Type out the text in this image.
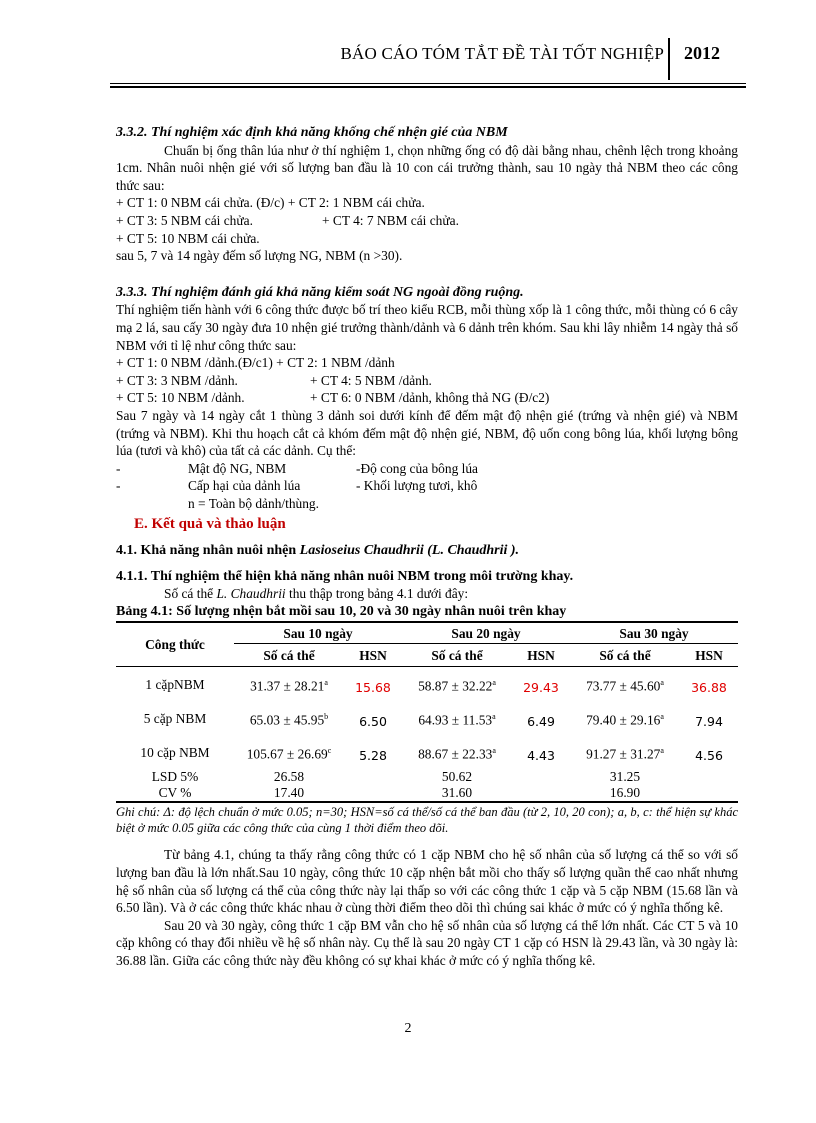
BÁO CÁO TÓM TẮT ĐỀ TÀI TỐT NGHIỆP 2012

3.3.2. Thí nghiệm xác định khả năng khống chế nhện gié của NBM

Chuẩn bị ống thân lúa như ở thí nghiệm 1, chọn những ống có độ dài bằng nhau, chênh lệch trong khoảng 1cm. Nhân nuôi nhện gié với số lượng ban đầu là 10 con cái trưởng thành, sau 10 ngày thả NBM theo các công thức sau:

+ CT 1: 0 NBM cái chửa. (Đ/c) + CT 2: 1 NBM cái chửa.

+ CT 3: 5 NBM cái chửa.	+ CT 4: 7 NBM cái chửa.

+ CT 5: 10 NBM cái chửa.

sau 5, 7 và 14 ngày đếm số lượng NG, NBM (n >30).

3.3.3. Thí nghiệm đánh giá khả năng kiểm soát NG ngoài đồng ruộng.

Thí nghiệm tiến hành với 6 công thức được bố trí theo kiểu RCB, mỗi thùng xốp là 1 công thức, mỗi thùng có 6 cây mạ 2 lá, sau cấy 30 ngày đưa 10 nhện gié trưởng thành/dảnh và 6 dảnh trên khóm. Sau khi lây nhiễm 14 ngày thả số NBM với tỉ lệ như công thức sau:

+ CT 1: 0 NBM /dảnh.(Đ/c1) + CT 2: 1 NBM /dảnh

+ CT 3: 3 NBM /dảnh.	+ CT 4: 5 NBM /dảnh.
+ CT 5: 10 NBM /dảnh.	+ CT 6: 0 NBM /dảnh, không thả NG (Đ/c2)

Sau 7 ngày và 14 ngày cắt 1 thùng 3 dảnh soi dưới kính để đếm mật độ nhện gié (trứng và nhện gié) và NBM (trứng và NBM). Khi thu hoạch cắt cả khóm đếm mật độ nhện gié, NBM, độ uốn cong bông lúa, khối lượng bông lúa (tươi và khô) của tất cả các dảnh. Cụ thể:

-	Mật độ NG, NBM	-Độ cong của bông lúa
-	Cấp hại của dảnh lúa	- Khối lượng tươi, khô
n = Toàn bộ dảnh/thùng.

E. Kết quả và thảo luận

4.1. Khả năng nhân nuôi nhện Lasioseius Chaudhrii (L. Chaudhrii ).

4.1.1. Thí nghiệm thể hiện khả năng nhân nuôi NBM trong môi trường khay.

Số cá thể L. Chaudhrii thu thập trong bảng 4.1 dưới đây:

Bảng 4.1: Số lượng nhện bắt mồi sau 10, 20 và 30 ngày nhân nuôi trên khay

Công thức	Sau 10 ngày		Sau 20 ngày		Sau 30 ngày	
	Số cá thể	HSN	Số cá thể	HSN	Số cá thể	HSN
1 cặpNBM	31.37 ± 28.21$^a$	15.68	58.87 ± 32.22$^a$	29.43	73.77 ± 45.60$^a$	36.88
5 cặp NBM	65.03 ± 45.95$^b$	6.50	64.93 ± 11.53$^a$	6.49	79.40 ± 29.16$^a$	7.94
10 cặp NBM	105.67 ± 26.69$^c$	5.28	88.67 ± 22.33$^a$	4.43	91.27 ± 31.27$^a$	4.56
LSD 5%	26.58		50.62		31.25	
CV %	17.40		31.60		16.90	

Ghi chú: Δ: độ lệch chuẩn ở mức 0.05; n=30; HSN=số cá thể/số cá thể ban đầu (từ 2, 10, 20 con); a, b, c: thể hiện sự khác biệt ở mức 0.05 giữa các công thức của cùng 1 thời điểm theo dõi.

Từ bảng 4.1, chúng ta thấy rằng công thức có 1 cặp NBM cho hệ số nhân của số lượng cá thể so với số lượng ban đầu là lớn nhất.Sau 10 ngày, công thức 10 cặp nhện bắt mồi cho thấy số lượng quần thể cao nhất nhưng hệ số nhân của số lượng cá thể của công thức này lại thấp so với các công thức 1 cặp và 5 cặp NBM (15.68 lần và 6.50 lần). Và ở các công thức khác nhau ở cùng thời điểm theo dõi thì chúng sai khác ở mức có ý nghĩa thống kê.

Sau 20 và 30 ngày, công thức 1 cặp BM vẫn cho hệ số nhân của số lượng cá thể lớn nhất. Các CT 5 và 10 cặp không có thay đổi nhiều về hệ số nhân này. Cụ thể là sau 20 ngày CT 1 cặp có HSN là 29.43 lần, và 30 ngày là: 36.88 lần. Giữa các công thức này đều không có sự khai khác ở mức có ý nghĩa thống kê.

2
